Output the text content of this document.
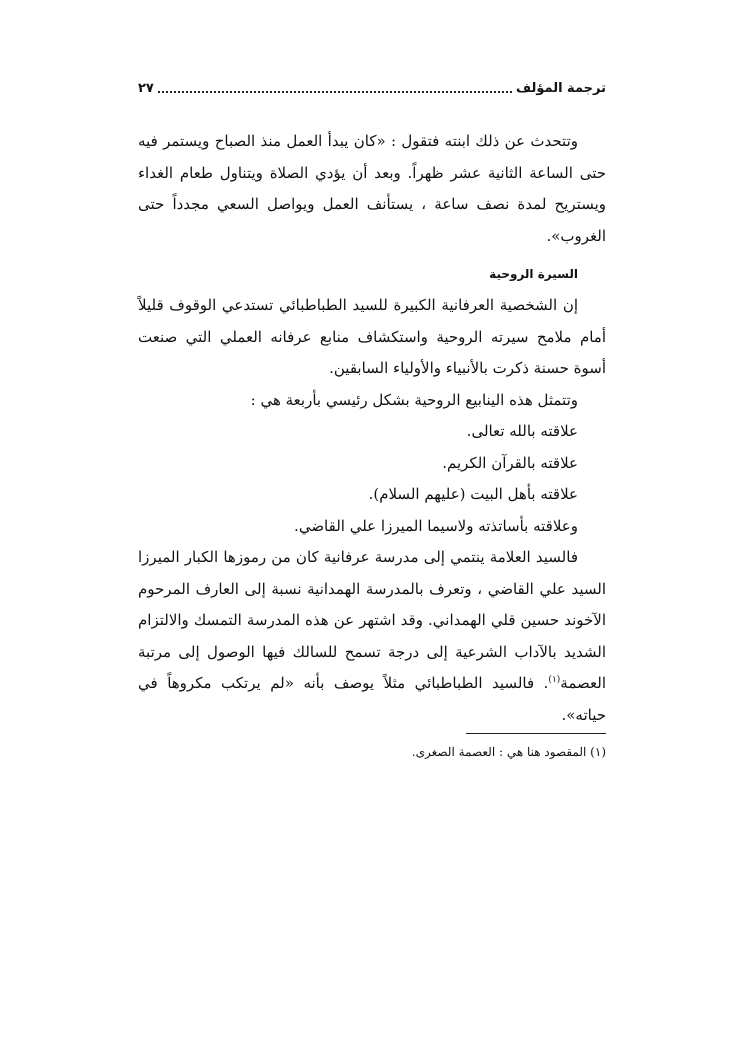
ترجمة المؤلف
٢٧

وتتحدث عن ذلك ابنته فتقول : «كان يبدأ العمل منذ الصباح ويستمر فيه حتى الساعة الثانية عشر ظهراً. وبعد أن يؤدي الصلاة ويتناول طعام الغداء ويستريح لمدة نصف ساعة ، يستأنف العمل ويواصل السعي مجدداً حتى الغروب».

السيرة الروحية

إن الشخصية العرفانية الكبيرة للسيد الطباطبائي تستدعي الوقوف قليلاً أمام ملامح سيرته الروحية واستكشاف منابع عرفانه العملي التي صنعت أسوة حسنة ذكرت بالأنبياء والأولياء السابقين.

وتتمثل هذه الينابيع الروحية بشكل رئيسي بأربعة هي :

علاقته بالله تعالى.

علاقته بالقرآن الكريم.

علاقته بأهل البيت (عليهم السلام).

وعلاقته بأساتذته ولاسيما الميرزا علي القاضي.

فالسيد العلامة ينتمي إلى مدرسة عرفانية كان من رموزها الكبار الميرزا السيد علي القاضي ، وتعرف بالمدرسة الهمدانية نسبة إلى العارف المرحوم الآخوند حسين قلي الهمداني. وقد اشتهر عن هذه المدرسة التمسك والالتزام الشديد بالآداب الشرعية إلى درجة تسمح للسالك فيها الوصول إلى مرتبة العصمة$^{(١)}$. فالسيد الطباطبائي مثلاً يوصف بأنه «لم يرتكب مكروهاً في حياته».

(١) المقصود هنا هي : العصمة الصغرى.
